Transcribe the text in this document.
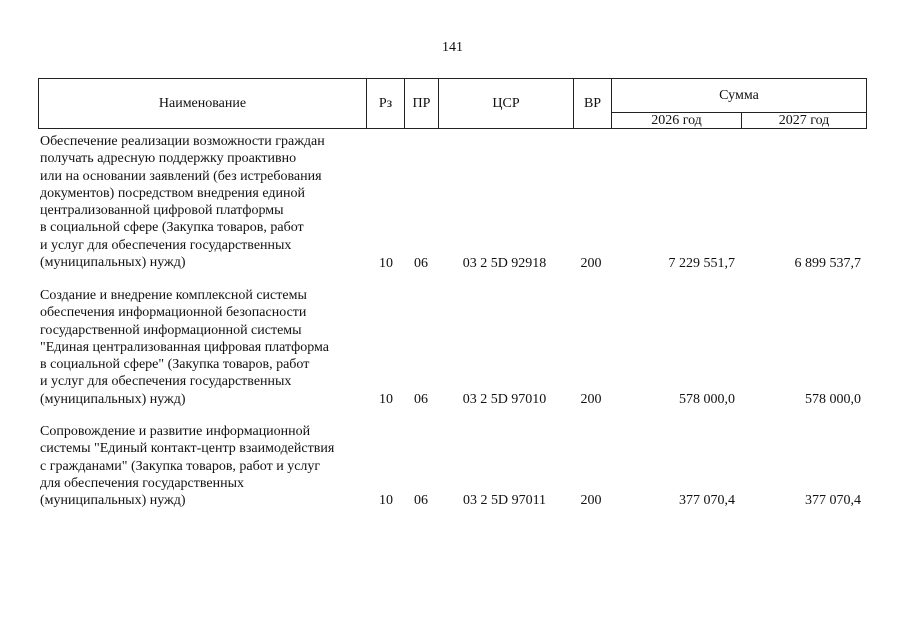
141
Наименование	Рз	ПР	ЦСР	ВР	Сумма	
					2026 год	2027 год
Обеспечение реализации возможности граждан
получать адресную поддержку проактивно
или на основании заявлений (без истребования
документов) посредством внедрения единой
централизованной цифровой платформы
в социальной сфере (Закупка товаров, работ
и услуг для обеспечения государственных
(муниципальных) нужд)	10	06	03 2 5D 92918	200	7 229 551,7	6 899 537,7
Создание и внедрение комплексной системы
обеспечения информационной безопасности
государственной информационной системы
"Единая централизованная цифровая платформа
в социальной сфере" (Закупка товаров, работ
и услуг для обеспечения государственных
(муниципальных) нужд)	10	06	03 2 5D 97010	200	578 000,0	578 000,0
Сопровождение и развитие информационной
системы "Единый контакт-центр взаимодействия
с гражданами" (Закупка товаров, работ и услуг
для обеспечения государственных
(муниципальных) нужд)	10	06	03 2 5D 97011	200	377 070,4	377 070,4
